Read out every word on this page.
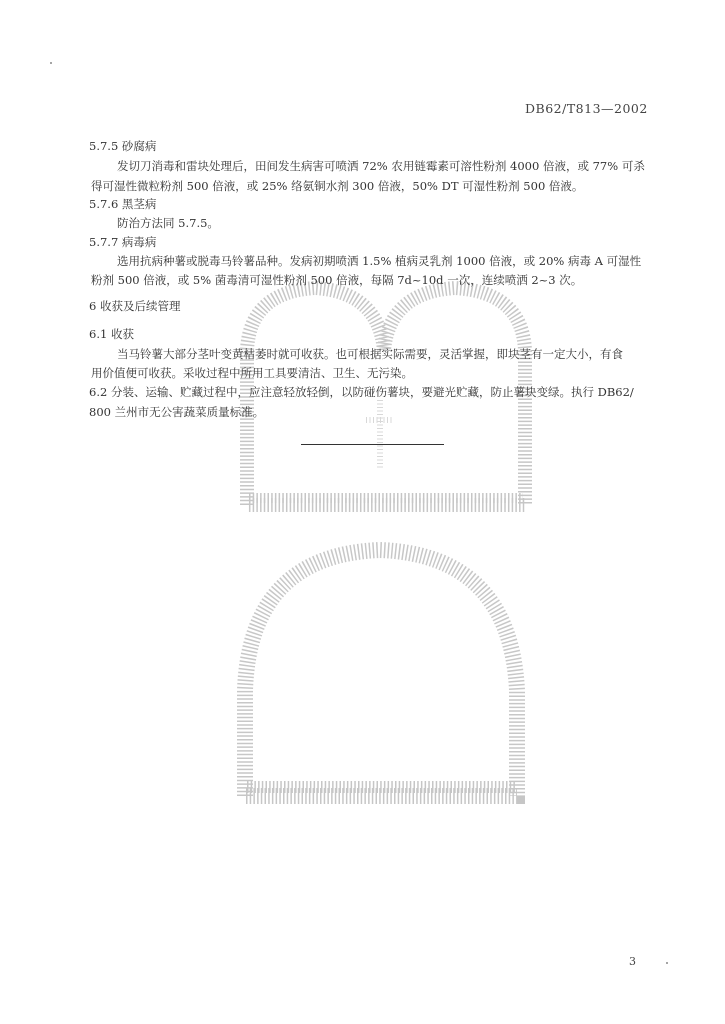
DB62/T813—2002
5.7.5 砂腐病
发切刀消毒和雷块处理后，田间发生病害可喷洒 72% 农用链霉素可溶性粉剂 4000 倍液，或 77% 可杀
得可湿性微粒粉剂 500 倍液，或 25% 络氨铜水剂 300 倍液，50% DT 可湿性粉剂 500 倍液。
5.7.6 黑茎病
防治方法同 5.7.5。
5.7.7 病毒病
选用抗病种薯或脱毒马铃薯品种。发病初期喷洒 1.5% 植病灵乳剂 1000 倍液，或 20% 病毒 A 可湿性
粉剂 500 倍液，或 5% 菌毒清可湿性粉剂 500 倍液，每隔 7d~10d 一次，连续喷洒 2~3 次。
6 收获及后续管理
6.1 收获
当马铃薯大部分茎叶变黄枯萎时就可收获。也可根据实际需要，灵活掌握，即块茎有一定大小，有食
用价值便可收获。采收过程中所用工具要清洁、卫生、无污染。
6.2 分装、运输、贮藏过程中，应注意轻放轻倒，以防碰伤薯块，要避光贮藏，防止薯块变绿。执行 DB62/
800 兰州市无公害蔬菜质量标准。
3
